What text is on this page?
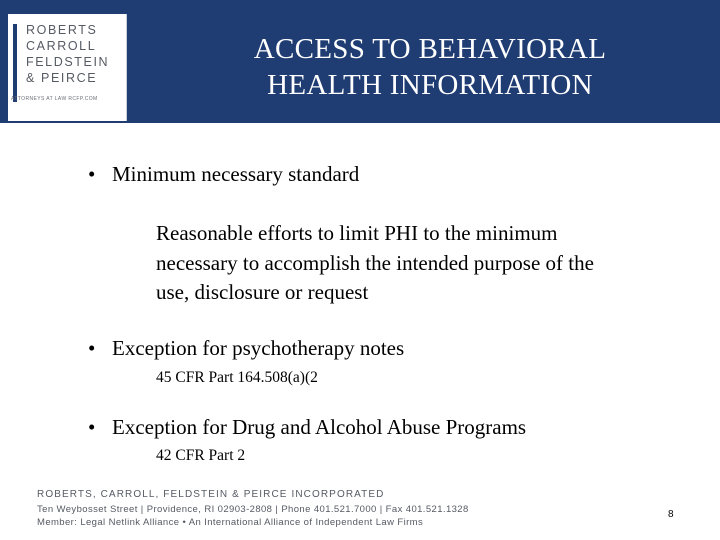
ROBERTS
CARROLL
FELDSTEIN
& PEIRCE
ATTORNEYS AT LAW RCFP.COM
ACCESS TO BEHAVIORAL
HEALTH INFORMATION
• Minimum necessary standard
Reasonable efforts to limit PHI to the minimum
necessary to accomplish the intended purpose of the
use, disclosure or request
• Exception for psychotherapy notes
45 CFR Part 164.508(a)(2
• Exception for Drug and Alcohol Abuse Programs
42 CFR Part 2
ROBERTS, CARROLL, FELDSTEIN & PEIRCE INCORPORATED
Ten Weybosset Street | Providence, RI 02903-2808 | Phone 401.521.7000 | Fax 401.521.1328
Member: Legal Netlink Alliance • An International Alliance of Independent Law Firms
8
